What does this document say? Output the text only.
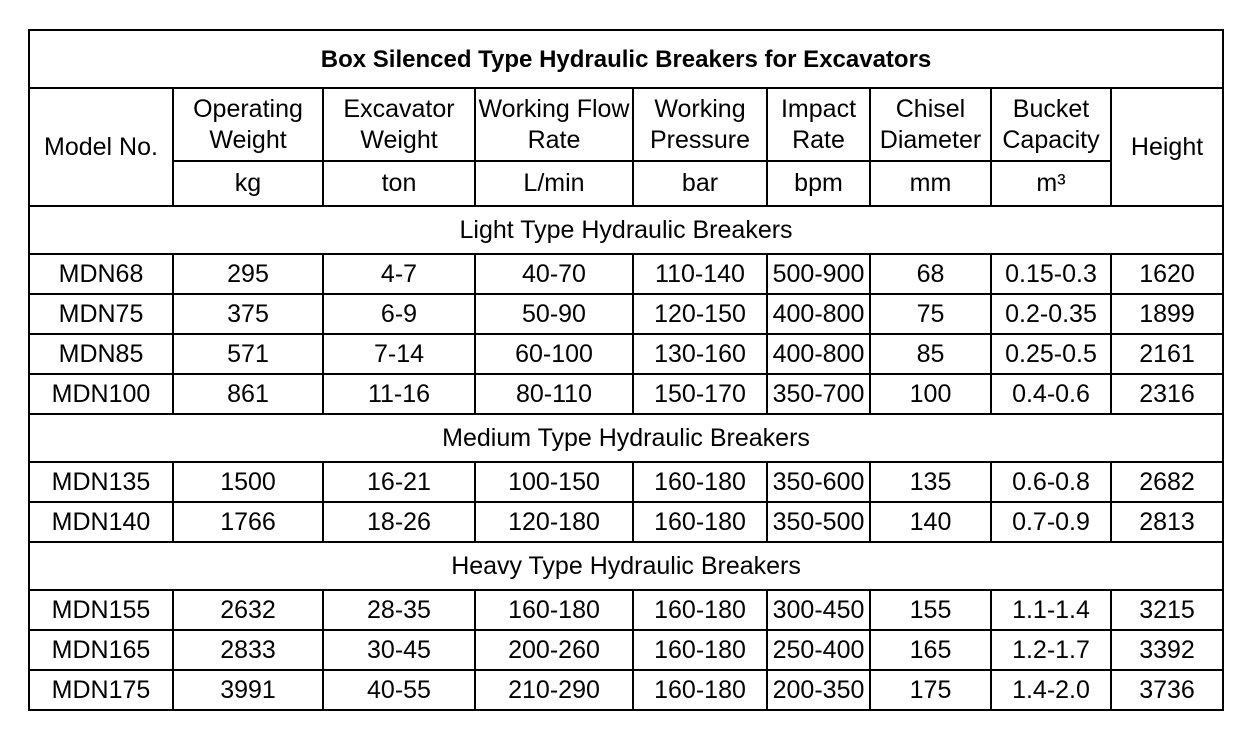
Box Silenced Type Hydraulic Breakers for Excavators									
Model No.	Operating Weight	Excavator Weight	Working Flow Rate	Working Pressure	Impact Rate	Chisel Diameter	Bucket Capacity	Height	
	kg	ton	L/min	bar	bpm	mm	m³	
Light Type Hydraulic Breakers									
MDN68	295	4-7	40-70	110-140	500-900	68	0.15-0.3	1620	
MDN75	375	6-9	50-90	120-150	400-800	75	0.2-0.35	1899	
MDN85	571	7-14	60-100	130-160	400-800	85	0.25-0.5	2161	
MDN100	861	11-16	80-110	150-170	350-700	100	0.4-0.6	2316	
Medium Type Hydraulic Breakers									
MDN135	1500	16-21	100-150	160-180	350-600	135	0.6-0.8	2682	
MDN140	1766	18-26	120-180	160-180	350-500	140	0.7-0.9	2813	
Heavy Type Hydraulic Breakers									
MDN155	2632	28-35	160-180	160-180	300-450	155	1.1-1.4	3215	
MDN165	2833	30-45	200-260	160-180	250-400	165	1.2-1.7	3392	
MDN175	3991	40-55	210-290	160-180	200-350	175	1.4-2.0	3736	
